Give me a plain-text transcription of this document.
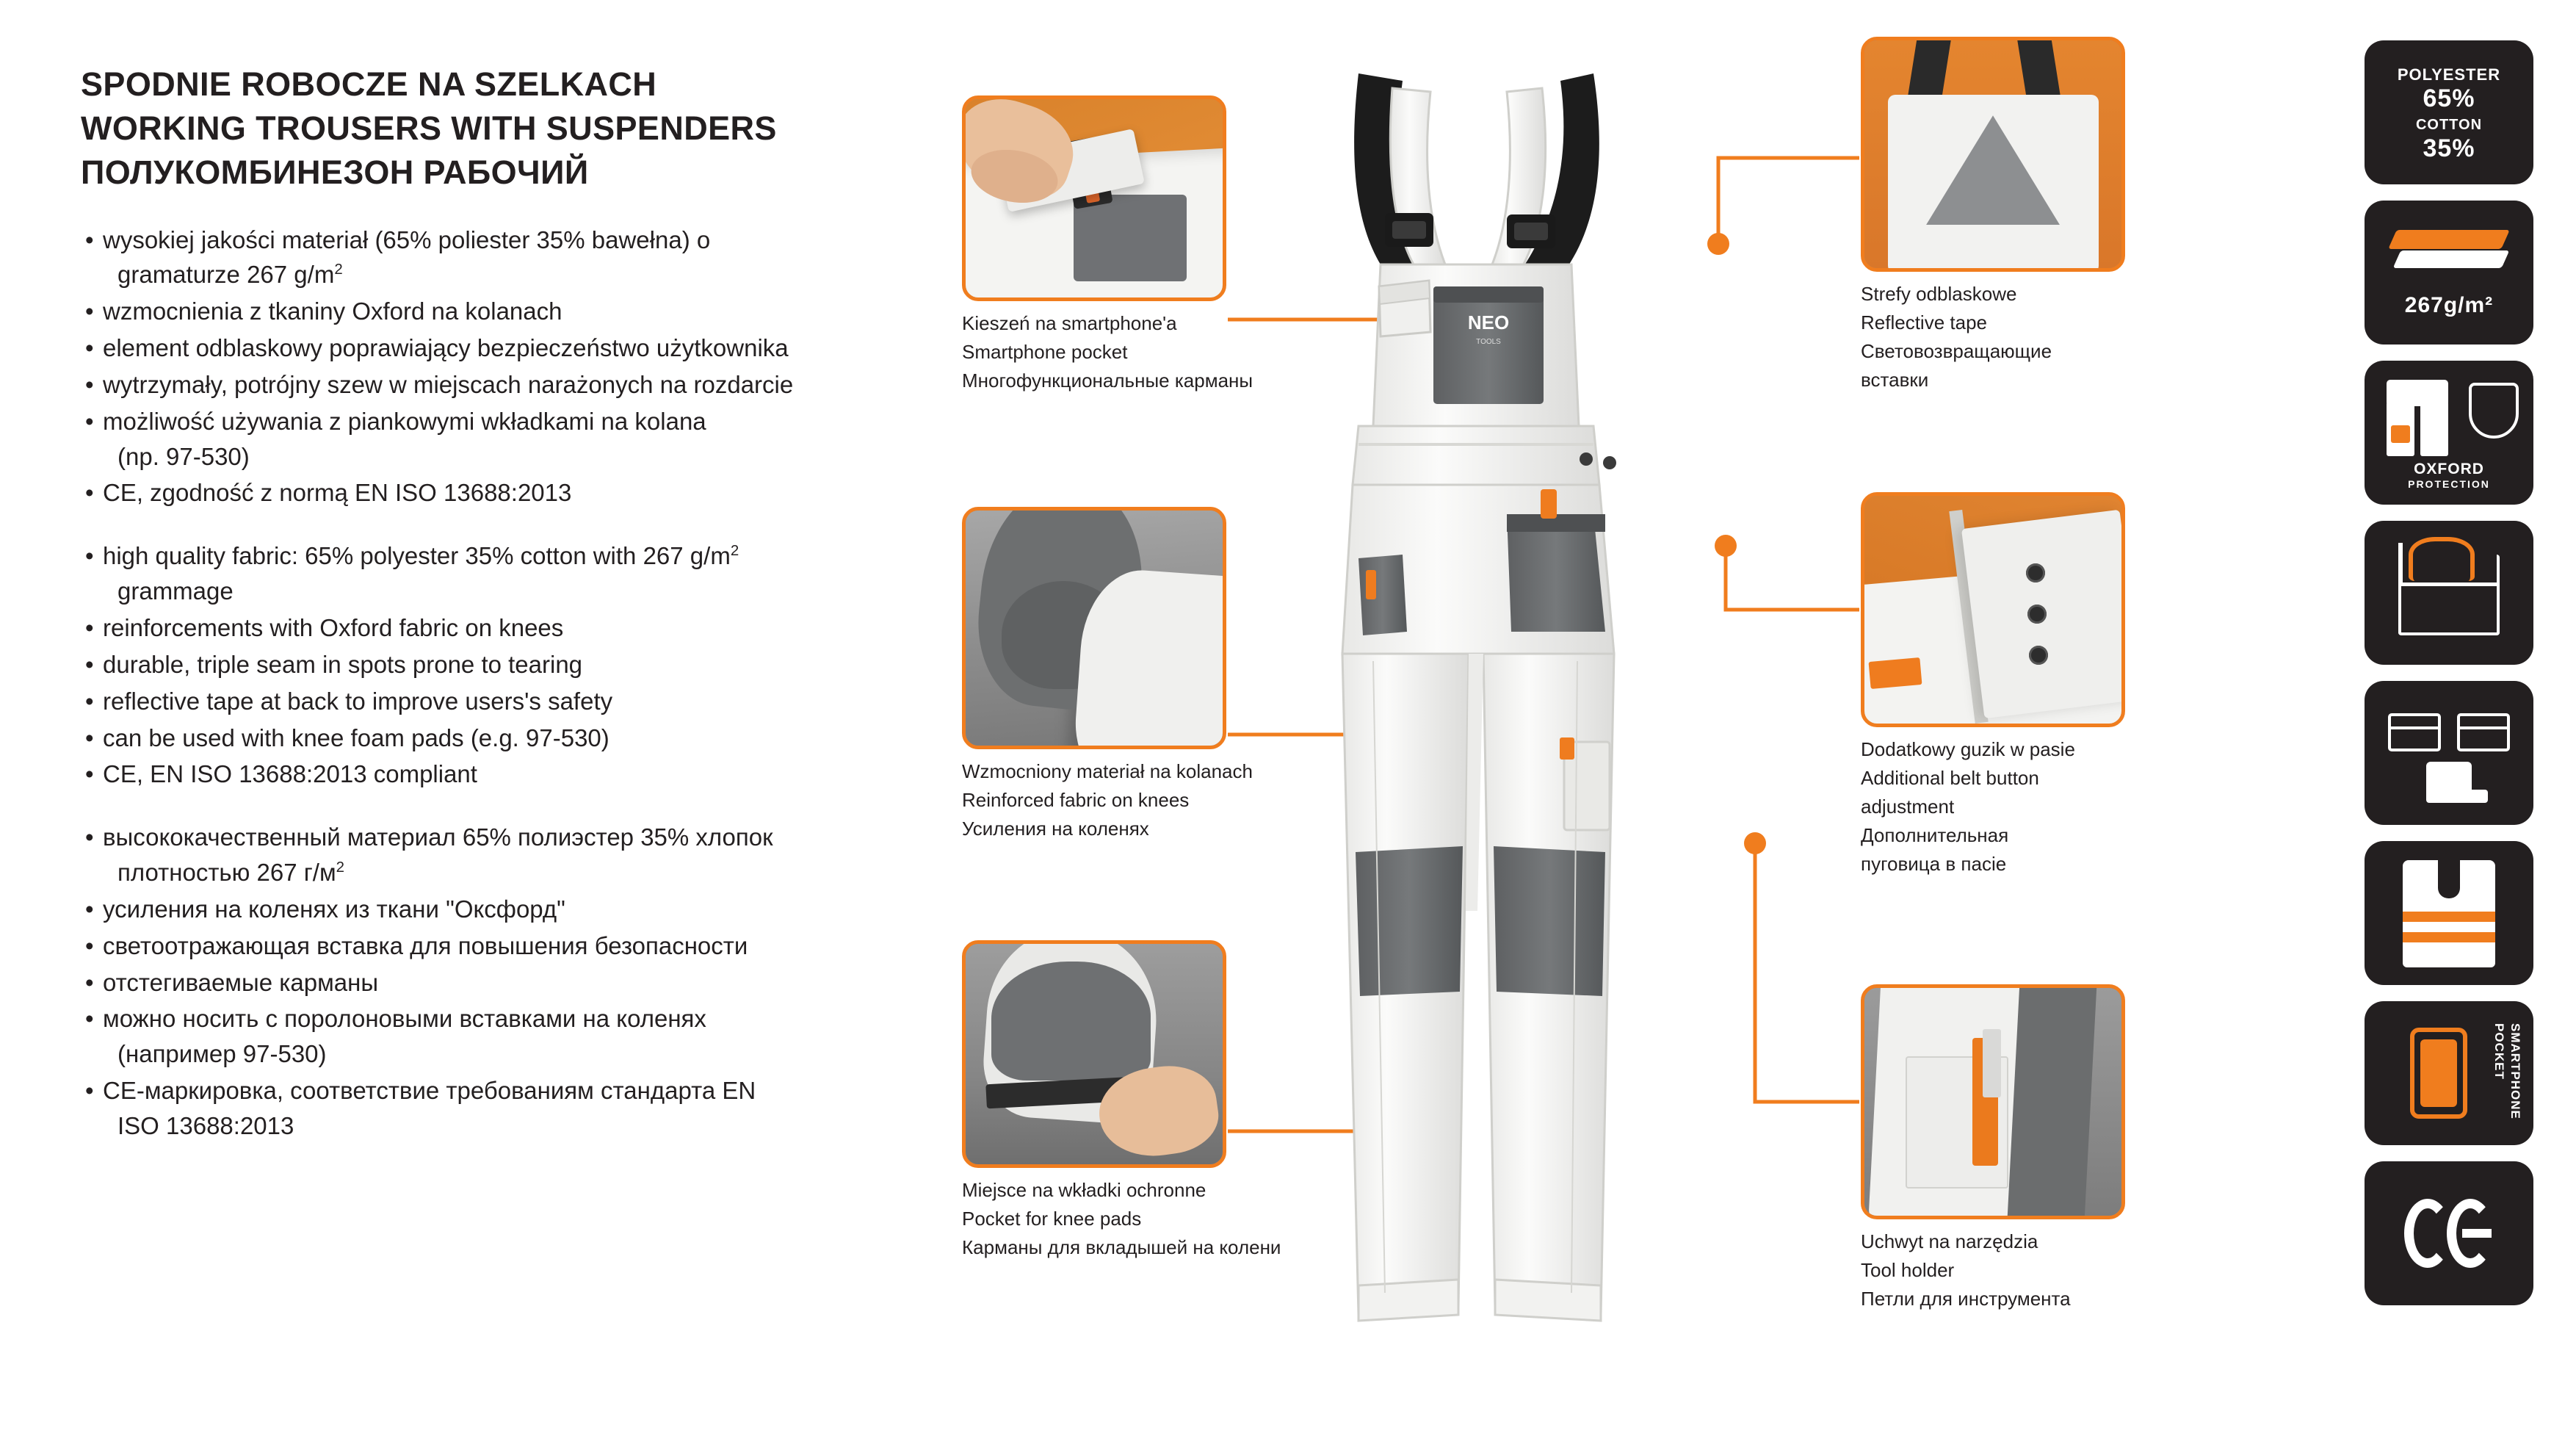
SPODNIE ROBOCZE NA SZELKACH
WORKING TROUSERS WITH SUSPENDERS
ПОЛУКОМБИНЕЗОН РАБОЧИЙ
• wysokiej jakości materiał (65% poliester 35% bawełna) o
gramaturze 267 $g/m^2$
• wzmocnienia z tkaniny Oxford na kolanach
• element odblaskowy poprawiający bezpieczeństwo użytkownika
• wytrzymały, potrójny szew w miejscach narażonych na rozdarcie
• możliwość używania z piankowymi wkładkami na kolana
(np. 97-530)
• CE, zgodność z normą EN ISO 13688:2013
• high quality fabric: 65% polyester 35% cotton with 267 $g/m^2$
grammage
• reinforcements with Oxford fabric on knees
• durable, triple seam in spots prone to tearing
• reflective tape at back to improve users's safety
• can be used with knee foam pads (e.g. 97-530)
• CE, EN ISO 13688:2013 compliant
• высококачественный материал 65% полиэстер 35% хлопок
плотностью 267 $г/м^2$
• усиления на коленях из ткани "Оксфорд"
• светоотражающая вставка для повышения безопасности
• отстегиваемые карманы
• можно носить с поролоновыми вставками на коленях
(например 97-530)
• CE-маркировка, соответствие требованиям стандарта EN
ISO 13688:2013
NEO
TOOLS
Kieszeń na smartphone'a
Smartphone pocket
Многофункциональные карманы
Strefy odblaskowe
Reflective tape
Световозвращающие
вставки
Wzmocniony materiał na kolanach
Reinforced fabric on knees
Усиления на коленях
Dodatkowy guzik w pasie
Additional belt button
adjustment
Дополнительная
пуговица в пасie
Miejsce na wkładki ochronne
Pocket for knee pads
Карманы для вкладышей на колени	Uchwyt na narzędzia
Tool holder
Петли для инструмента
POLYESTER
65%
COTTON
35%
267g/m²
OXFORD
PROTECTION
SMARTPHONE POCKET
